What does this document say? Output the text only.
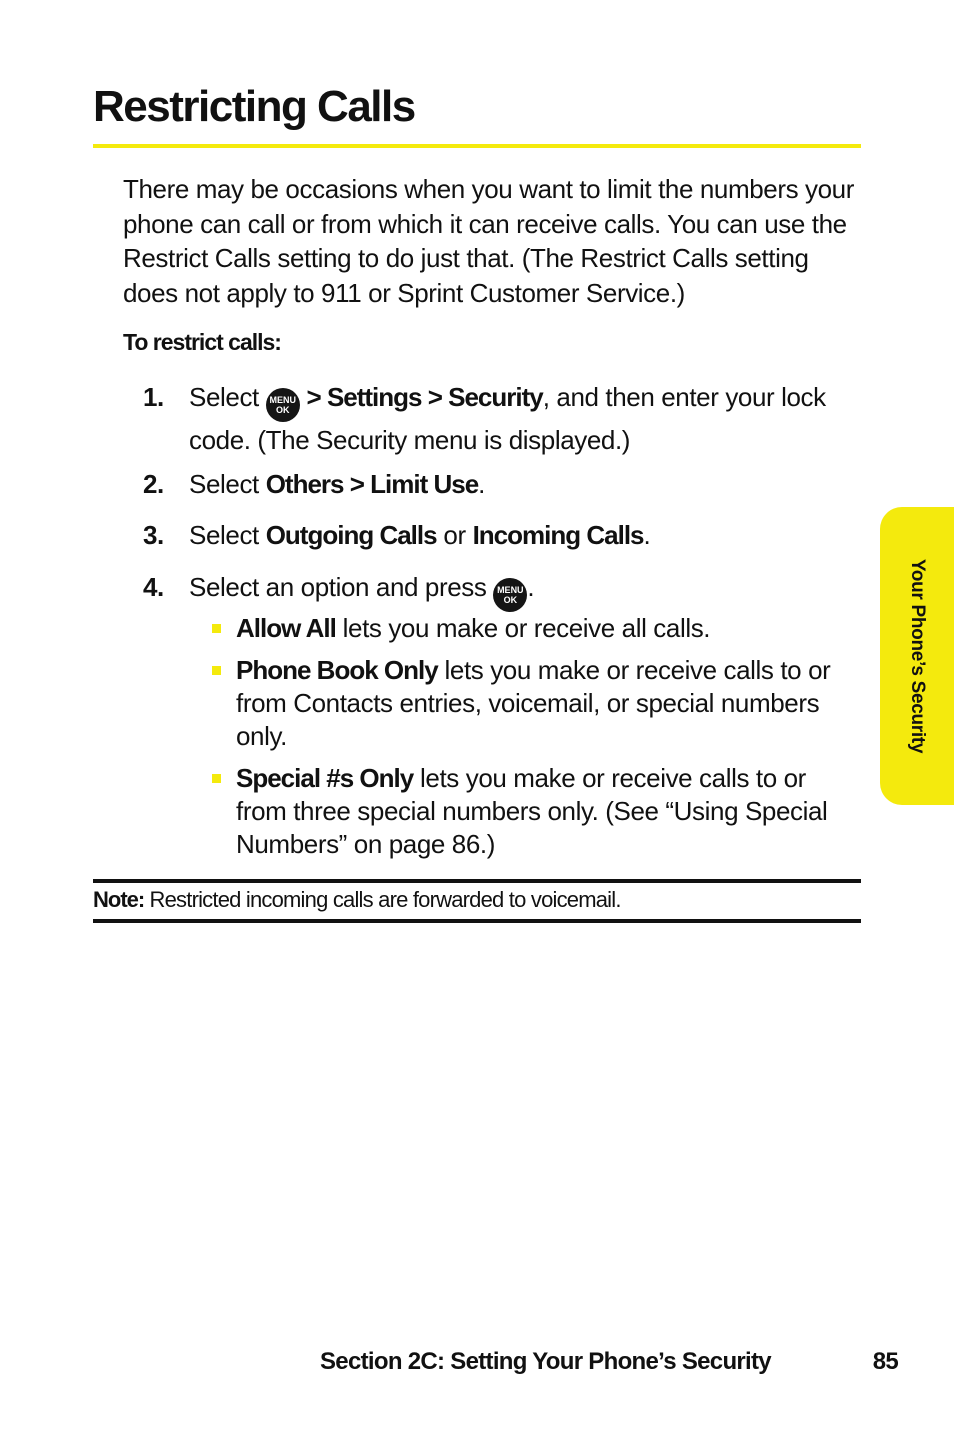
Restricting Calls

There may be occasions when you want to limit the numbers your phone can call or from which it can receive calls. You can use the Restrict Calls setting to do just that. (The Restrict Calls setting does not apply to 911 or Sprint Customer Service.)

To restrict calls:

1. Select MENU
OK > Settings > Security, and then enter your lock code. (The Security menu is displayed.)
2. Select Others > Limit Use.
3. Select Outgoing Calls or Incoming Calls.
4. Select an option and press MENU
OK .
Allow All lets you make or receive all calls.
Phone Book Only lets you make or receive calls to or from Contacts entries, voicemail, or special numbers only.
Special #s Only lets you make or receive calls to or from three special numbers only. (See “Using Special Numbers” on page 86.)
Note: Restricted incoming calls are forwarded to voicemail.
Your Phone’s Security
Section 2C: Setting Your Phone’s Security	85
